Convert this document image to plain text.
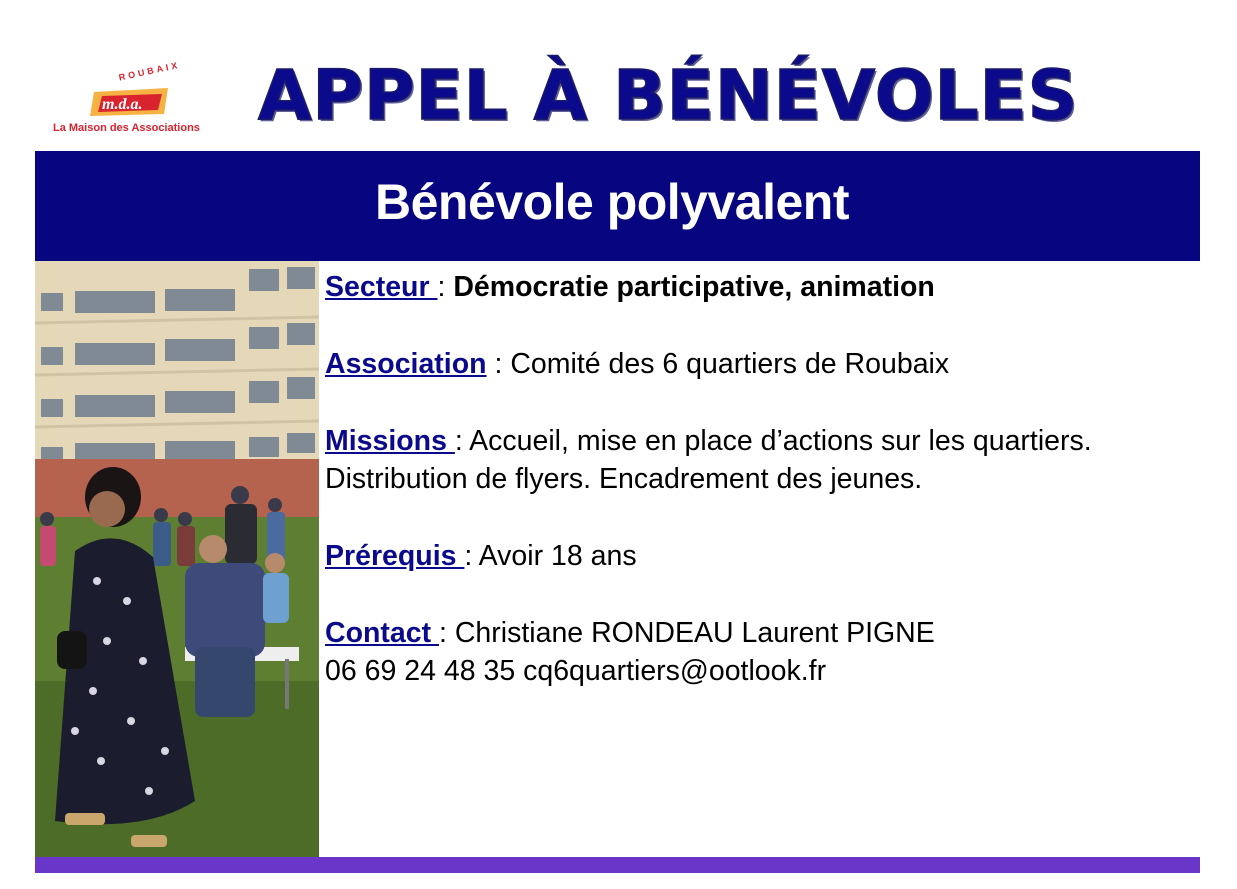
ROUBAIX
m.d.a.
La Maison des Associations APPEL À BÉNÉVOLES
Bénévole polyvalent
Secteur : Démocratie participative, animation
Association : Comité des 6 quartiers de Roubaix
Missions : Accueil, mise en place d’actions sur les quartiers. Distribution de flyers. Encadrement des jeunes.
Prérequis : Avoir 18 ans
Contact : Christiane RONDEAU Laurent PIGNE
06 69 24 48 35 cq6quartiers@ootlook.fr
